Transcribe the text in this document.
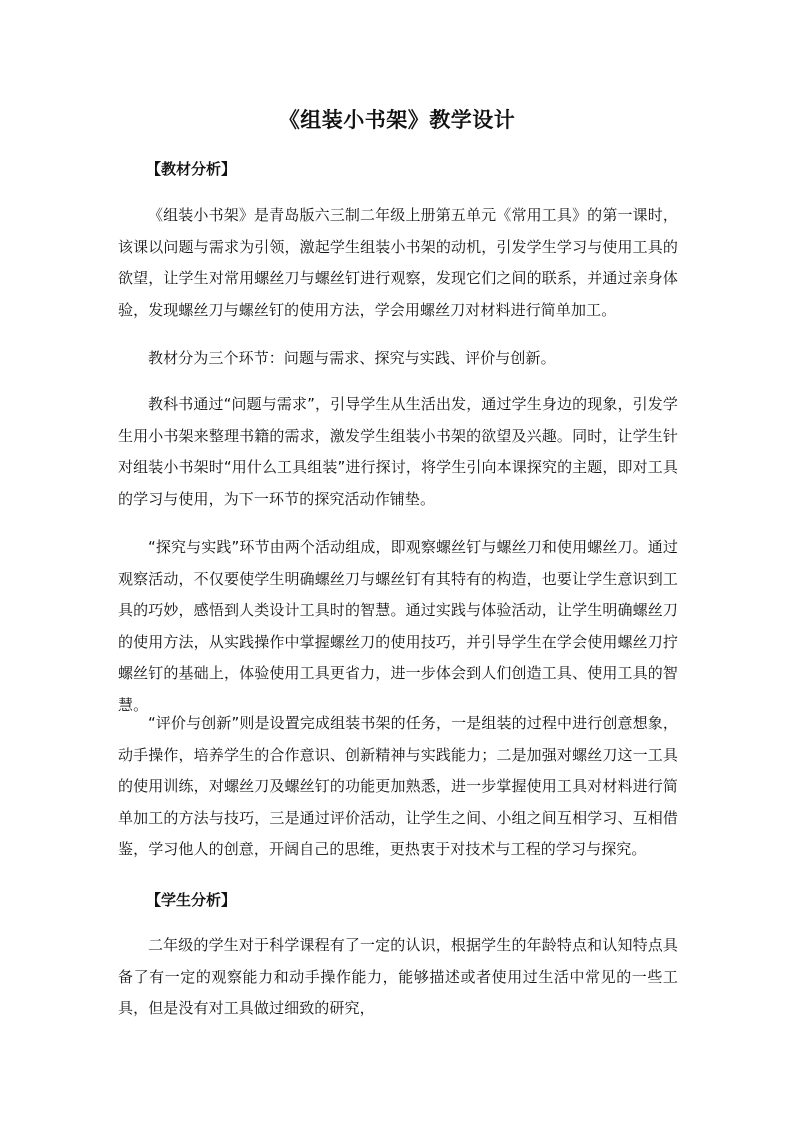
《组装小书架》教学设计
【教材分析】

《组装小书架》是青岛版六三制二年级上册第五单元《常用工具》的第一课时，该课以问题与需求为引领，激起学生组装小书架的动机，引发学生学习与使用工具的欲望，让学生对常用螺丝刀与螺丝钉进行观察，发现它们之间的联系，并通过亲身体验，发现螺丝刀与螺丝钉的使用方法，学会用螺丝刀对材料进行简单加工。

教材分为三个环节：问题与需求、探究与实践、评价与创新。

教科书通过“问题与需求”，引导学生从生活出发，通过学生身边的现象，引发学生用小书架来整理书籍的需求，激发学生组装小书架的欲望及兴趣。同时，让学生针对组装小书架时“用什么工具组装”进行探讨，将学生引向本课探究的主题，即对工具的学习与使用，为下一环节的探究活动作铺垫。

“探究与实践”环节由两个活动组成，即观察螺丝钉与螺丝刀和使用螺丝刀。通过观察活动，不仅要使学生明确螺丝刀与螺丝钉有其特有的构造，也要让学生意识到工具的巧妙，感悟到人类设计工具时的智慧。通过实践与体验活动，让学生明确螺丝刀的使用方法，从实践操作中掌握螺丝刀的使用技巧，并引导学生在学会使用螺丝刀拧螺丝钉的基础上，体验使用工具更省力，进一步体会到人们创造工具、使用工具的智慧。

“评价与创新”则是设置完成组装书架的任务，一是组装的过程中进行创意想象，动手操作，培养学生的合作意识、创新精神与实践能力；二是加强对螺丝刀这一工具的使用训练，对螺丝刀及螺丝钉的功能更加熟悉，进一步掌握使用工具对材料进行简单加工的方法与技巧，三是通过评价活动，让学生之间、小组之间互相学习、互相借鉴，学习他人的创意，开阔自己的思维，更热衷于对技术与工程的学习与探究。

【学生分析】

二年级的学生对于科学课程有了一定的认识，根据学生的年龄特点和认知特点具备了有一定的观察能力和动手操作能力，能够描述或者使用过生活中常见的一些工具，但是没有对工具做过细致的研究，
